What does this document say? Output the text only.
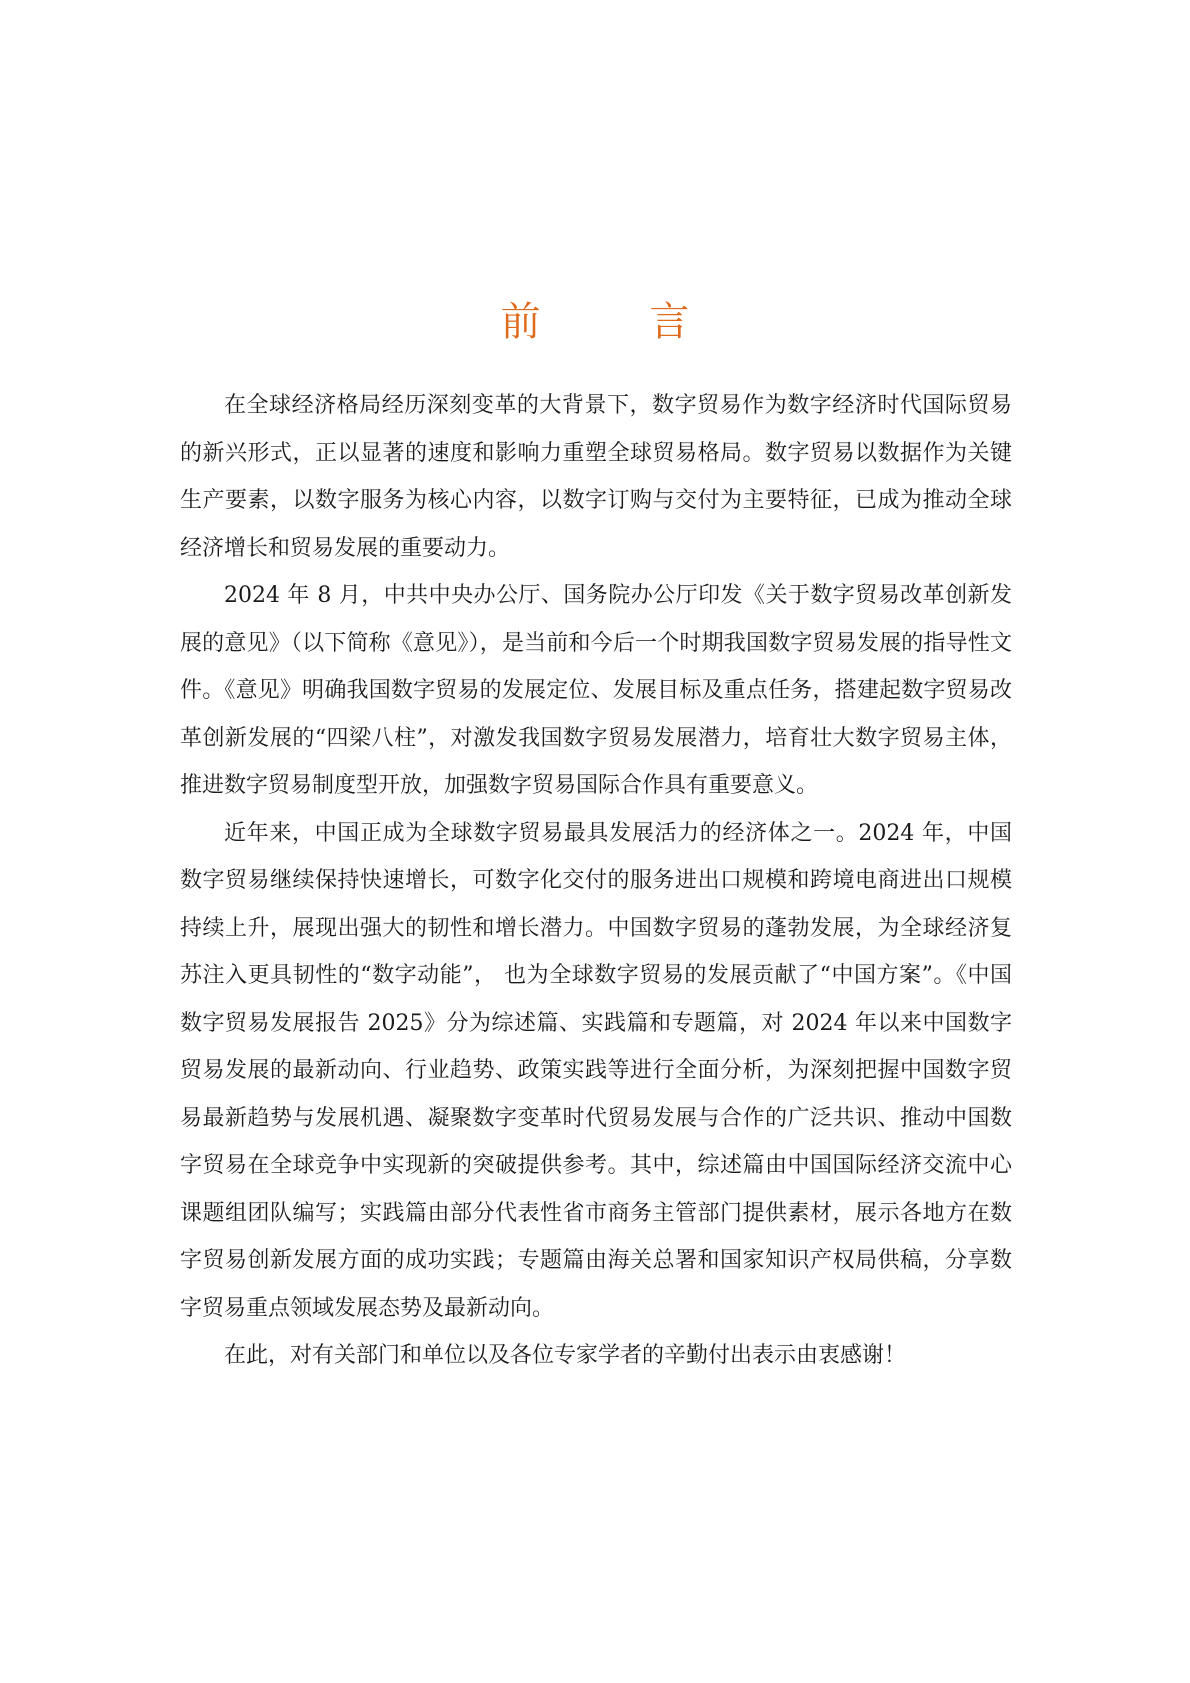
前 言

在全球经济格局经历深刻变革的大背景下，数字贸易作为数字经济时代国际贸易的新兴形式，正以显著的速度和影响力重塑全球贸易格局。数字贸易以数据作为关键生产要素，以数字服务为核心内容，以数字订购与交付为主要特征，已成为推动全球经济增长和贸易发展的重要动力。

2024 年 8 月，中共中央办公厅、国务院办公厅印发《关于数字贸易改革创新发展的意见》（以下简称《意见》），是当前和今后一个时期我国数字贸易发展的指导性文件。《意见》明确我国数字贸易的发展定位、发展目标及重点任务，搭建起数字贸易改革创新发展的“四梁八柱”，对激发我国数字贸易发展潜力，培育壮大数字贸易主体，推进数字贸易制度型开放，加强数字贸易国际合作具有重要意义。

近年来，中国正成为全球数字贸易最具发展活力的经济体之一。2024 年，中国数字贸易继续保持快速增长，可数字化交付的服务进出口规模和跨境电商进出口规模持续上升，展现出强大的韧性和增长潜力。中国数字贸易的蓬勃发展，为全球经济复苏注入更具韧性的“数字动能”， 也为全球数字贸易的发展贡献了“中国方案”。《中国数字贸易发展报告 2025》分为综述篇、实践篇和专题篇，对 2024 年以来中国数字贸易发展的最新动向、行业趋势、政策实践等进行全面分析，为深刻把握中国数字贸易最新趋势与发展机遇、凝聚数字变革时代贸易发展与合作的广泛共识、推动中国数字贸易在全球竞争中实现新的突破提供参考。其中，综述篇由中国国际经济交流中心课题组团队编写；实践篇由部分代表性省市商务主管部门提供素材，展示各地方在数字贸易创新发展方面的成功实践；专题篇由海关总署和国家知识产权局供稿，分享数字贸易重点领域发展态势及最新动向。

在此，对有关部门和单位以及各位专家学者的辛勤付出表示由衷感谢！
